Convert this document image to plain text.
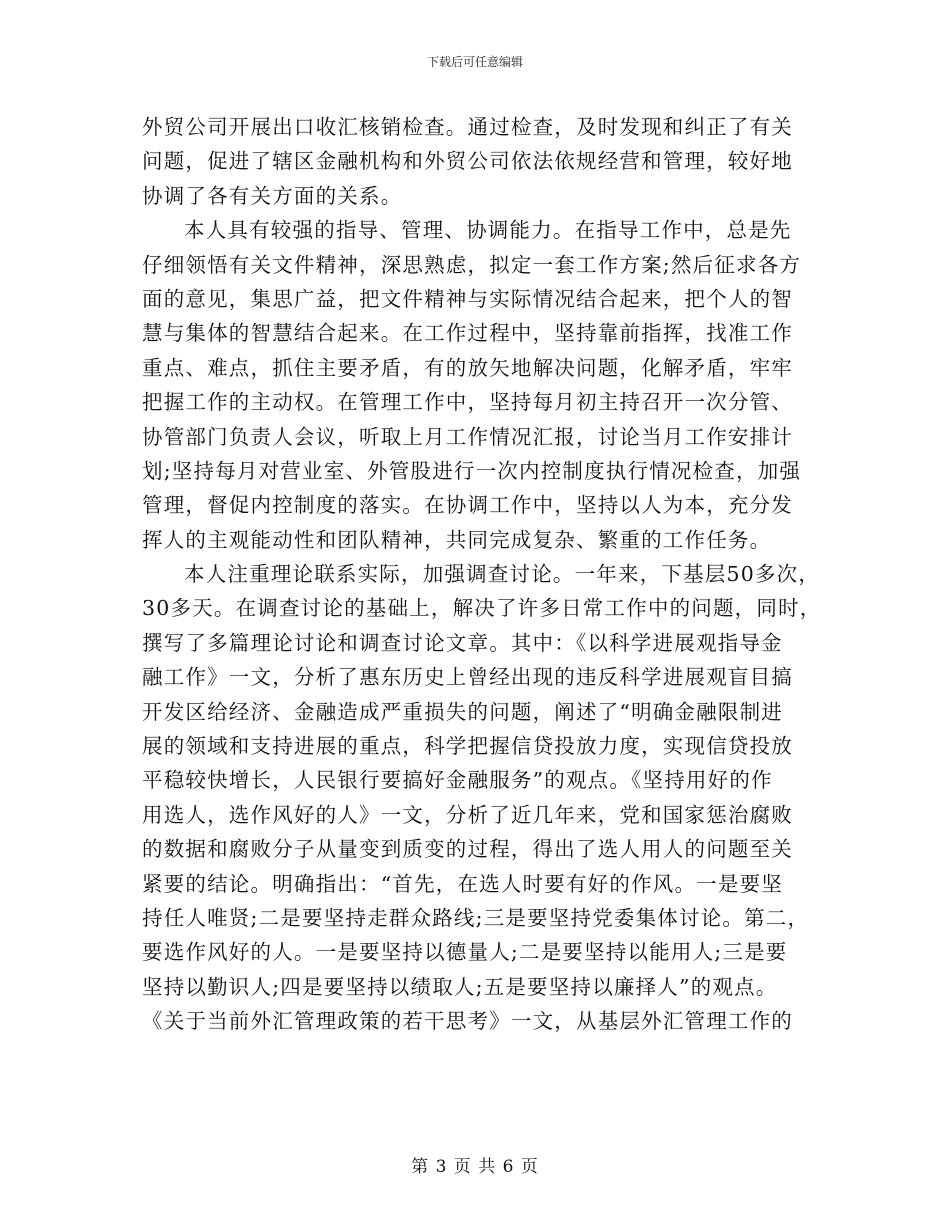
下载后可任意编辑
外贸公司开展出口收汇核销检查。通过检查，及时发现和纠正了有关
问题，促进了辖区金融机构和外贸公司依法依规经营和管理，较好地
协调了各有关方面的关系。
本人具有较强的指导、管理、协调能力。在指导工作中，总是先
仔细领悟有关文件精神，深思熟虑，拟定一套工作方案;然后征求各方
面的意见，集思广益，把文件精神与实际情况结合起来，把个人的智
慧与集体的智慧结合起来。在工作过程中，坚持靠前指挥，找准工作
重点、难点，抓住主要矛盾，有的放矢地解决问题，化解矛盾，牢牢
把握工作的主动权。在管理工作中，坚持每月初主持召开一次分管、
协管部门负责人会议，听取上月工作情况汇报，讨论当月工作安排计
划;坚持每月对营业室、外管股进行一次内控制度执行情况检查，加强
管理，督促内控制度的落实。在协调工作中，坚持以人为本，充分发
挥人的主观能动性和团队精神，共同完成复杂、繁重的工作任务。
本人注重理论联系实际，加强调查讨论。一年来，下基层50多次，
30多天。在调查讨论的基础上，解决了许多日常工作中的问题，同时，
撰写了多篇理论讨论和调查讨论文章。其中：《以科学进展观指导金
融工作》一文，分析了惠东历史上曾经出现的违反科学进展观盲目搞
开发区给经济、金融造成严重损失的问题，阐述了“明确金融限制进
展的领域和支持进展的重点，科学把握信贷投放力度，实现信贷投放
平稳较快增长，人民银行要搞好金融服务”的观点。《坚持用好的作
用选人，选作风好的人》一文，分析了近几年来，党和国家惩治腐败
的数据和腐败分子从量变到质变的过程，得出了选人用人的问题至关
紧要的结论。明确指出：“首先，在选人时要有好的作风。一是要坚
持任人唯贤;二是要坚持走群众路线;三是要坚持党委集体讨论。第二，
要选作风好的人。一是要坚持以德量人;二是要坚持以能用人;三是要
坚持以勤识人;四是要坚持以绩取人;五是要坚持以廉择人”的观点。
《关于当前外汇管理政策的若干思考》一文，从基层外汇管理工作的
第 3 页 共 6 页
